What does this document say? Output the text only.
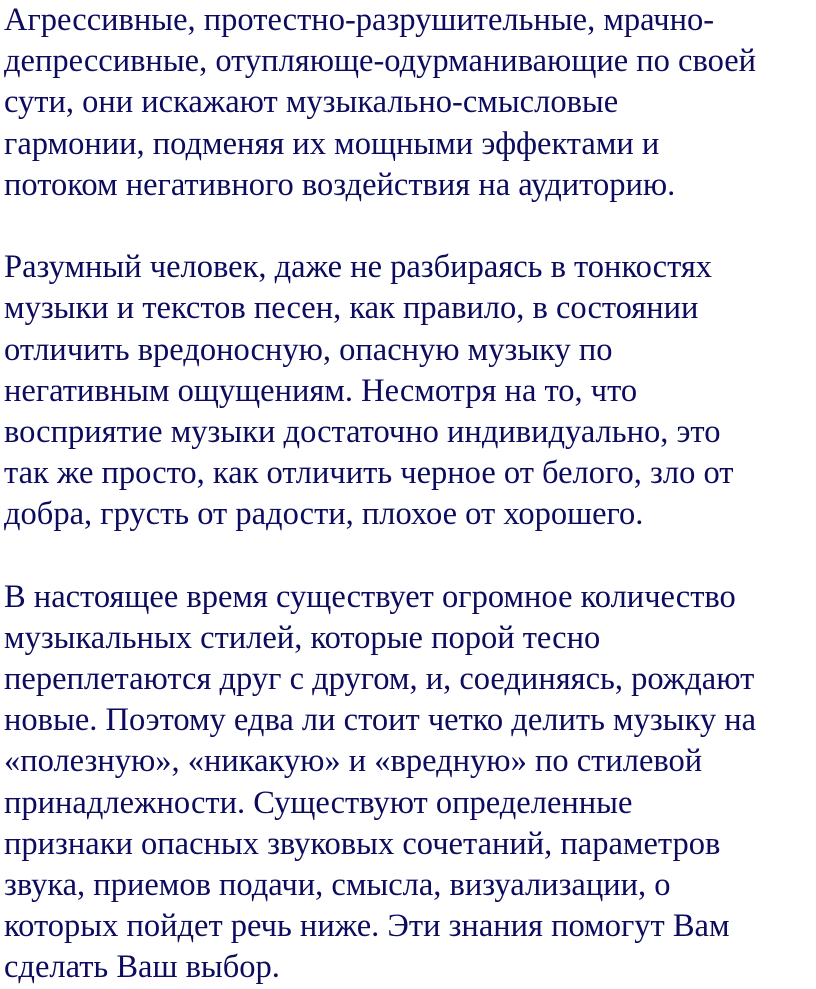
Агрессивные, протестно-разрушительные, мрачно-
депрессивные, отупляюще-одурманивающие по своей
сути, они искажают музыкально-смысловые
гармонии, подменяя их мощными эффектами и
потоком негативного воздействия на аудиторию.
Разумный человек, даже не разбираясь в тонкостях
музыки и текстов песен, как правило, в состоянии
отличить вредоносную, опасную музыку по
негативным ощущениям. Несмотря на то, что
восприятие музыки достаточно индивидуально, это
так же просто, как отличить черное от белого, зло от
добра, грусть от радости, плохое от хорошего.
В настоящее время существует огромное количество
музыкальных стилей, которые порой тесно
переплетаются друг с другом, и, соединяясь, рождают
новые. Поэтому едва ли стоит четко делить музыку на
«полезную», «никакую» и «вредную» по стилевой
принадлежности. Существуют определенные
признаки опасных звуковых сочетаний, параметров
звука, приемов подачи, смысла, визуализации, о
которых пойдет речь ниже. Эти знания помогут Вам
сделать Ваш выбор.
